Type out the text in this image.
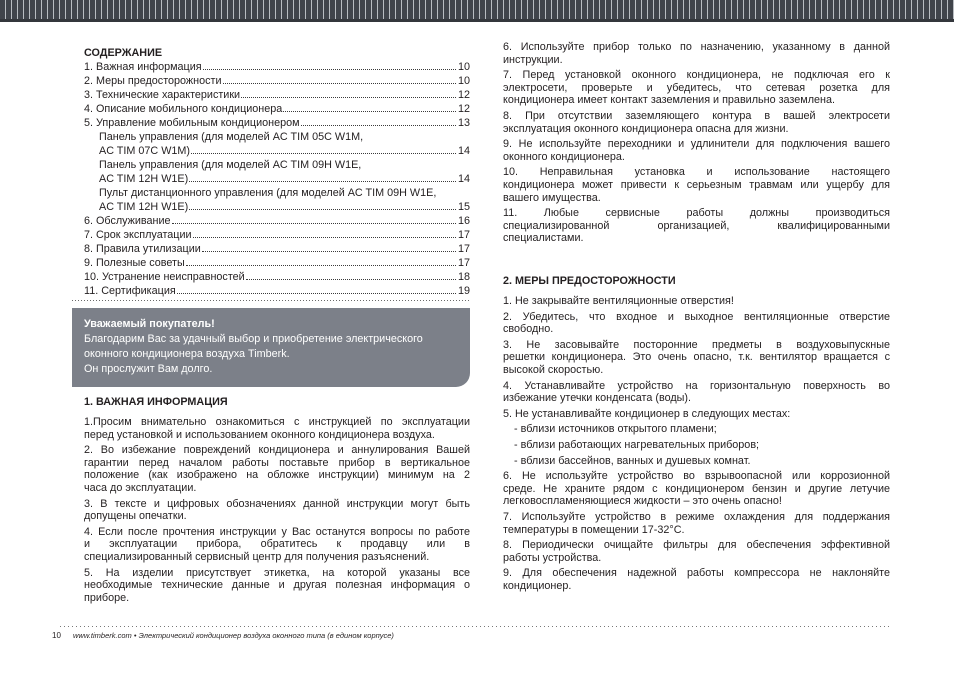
СОДЕРЖАНИЕ
1. Важная информация	10
2. Меры предосторожности	10
3. Технические характеристики	12
4. Описание мобильного кондиционера	12
5. Управление мобильным кондиционером	13
Панель управления (для моделей AC TIM 05C W1M,
AC TIM 07C W1M)	14
Панель управления (для моделей AC TIM 09H W1E,
AC TIM 12H W1E)	14
Пульт дистанционного управления (для моделей AC TIM 09H W1E,
AC TIM 12H W1E)	15
6. Обслуживание	16
7. Срок эксплуатации	17
8. Правила утилизации	17
9. Полезные советы	17
10. Устранение неисправностей	18
11. Сертификация	19
Уважаемый покупатель!
Благодарим Вас за удачный выбор и приобретение электрического
оконного кондиционера воздуха Timberk.
Он прослужит Вам долго.
1. ВАЖНАЯ ИНФОРМАЦИЯ
1.Просим внимательно ознакомиться с инструкцией по эксплуатации
перед установкой и использованием оконного кондиционера воздуха.
2. Во избежание повреждений кондиционера и аннулирования Вашей
гарантии перед началом работы поставьте прибор в вертикальное
положение (как изображено на обложке инструкции) минимум на 2
часа до эксплуатации.
3. В тексте и цифровых обозначениях данной инструкции могут быть
допущены опечатки.
4. Если после прочтения инструкции у Вас останутся вопросы по работе
и эксплуатации прибора, обратитесь к продавцу или в
специализированный сервисный центр для получения разъяснений.
5. На изделии присутствует этикетка, на которой указаны все
необходимые технические данные и другая полезная информация о
приборе.
6. Используйте прибор только по назначению, указанному в данной
инструкции.
7. Перед установкой оконного кондиционера, не подключая его к
электросети, проверьте и убедитесь, что сетевая розетка для
кондиционера имеет контакт заземления и правильно заземлена.
8. При отсутствии заземляющего контура в вашей электросети
эксплуатация оконного кондиционера опасна для жизни.
9. Не используйте переходники и удлинители для подключения вашего
оконного кондиционера.
10. Неправильная установка и использование настоящего
кондиционера может привести к серьезным травмам или ущербу для
вашего имущества.
11. Любые сервисные работы должны производиться
специализированной организацией, квалифицированными
специалистами.
2. МЕРЫ ПРЕДОСТОРОЖНОСТИ
1. Не закрывайте вентиляционные отверстия!
2. Убедитесь, что входное и выходное вентиляционные отверстие
свободно.
3. Не засовывайте посторонние предметы в воздуховыпускные
решетки кондиционера. Это очень опасно, т.к. вентилятор вращается с
высокой скоростью.
4. Устанавливайте устройство на горизонтальную поверхность во
избежание утечки конденсата (воды).
5. Не устанавливайте кондиционер в следующих местах:
- вблизи источников открытого пламени;
- вблизи работающих нагревательных приборов;
- вблизи бассейнов, ванных и душевых комнат.
6. Не используйте устройство во взрывоопасной или коррозионной
среде. Не храните рядом с кондиционером бензин и другие летучие
легковоспламеняющиеся жидкости – это очень опасно!
7. Используйте устройство в режиме охлаждения для поддержания
температуры в помещении 17-32°С.
8. Периодически очищайте фильтры для обеспечения эффективной
работы устройства.
9. Для обеспечения надежной работы компрессора не наклоняйте
кондиционер.
10 www.timberk.com • Электрический кондиционер воздуха оконного типа (в едином корпусе)
